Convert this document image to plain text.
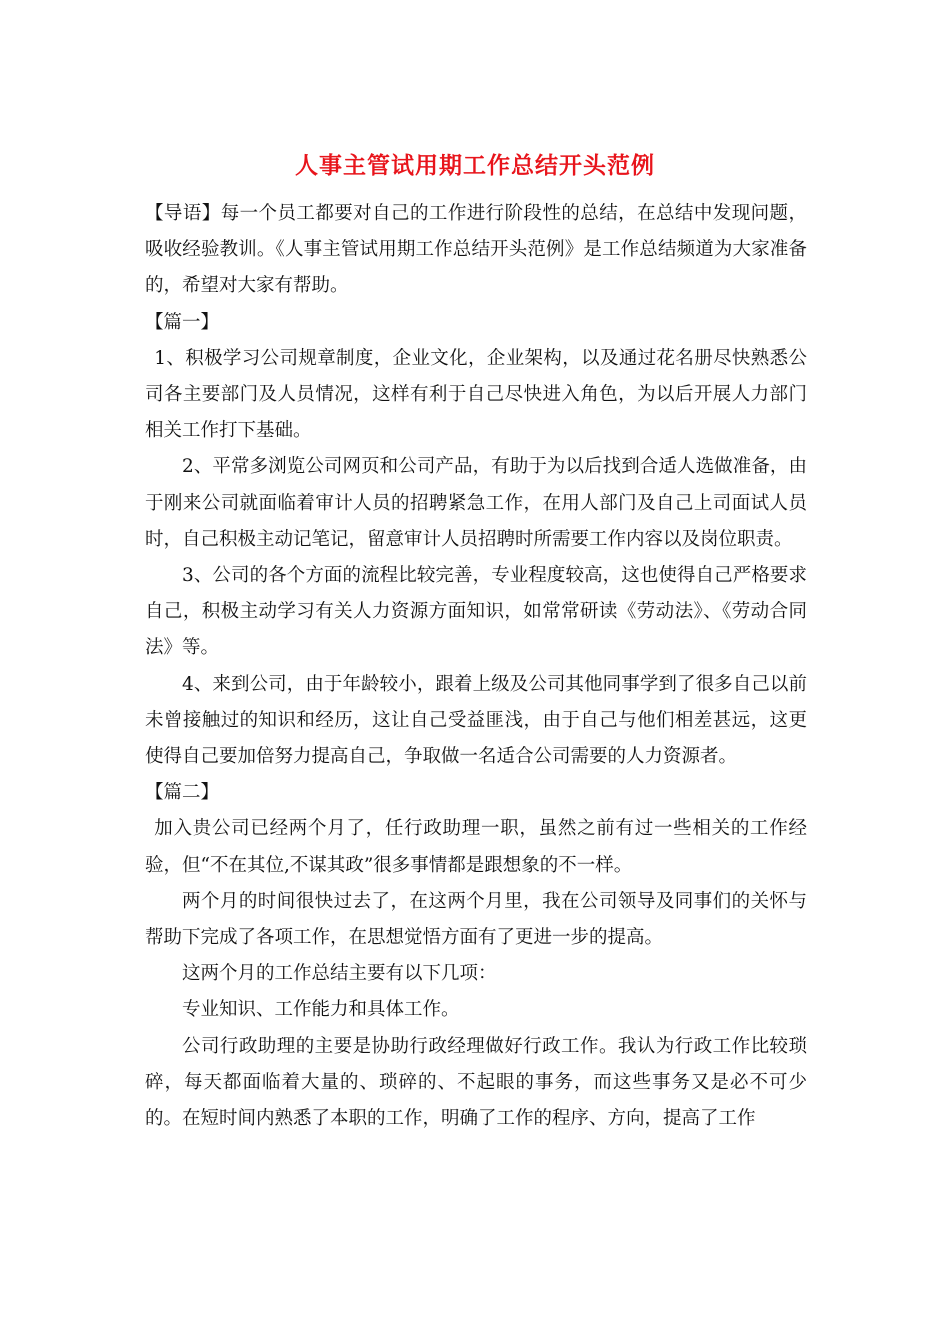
人事主管试用期工作总结开头范例

【导语】每一个员工都要对自己的工作进行阶段性的总结，在总结中发现问题，吸收经验教训。《人事主管试用期工作总结开头范例》是工作总结频道为大家准备的，希望对大家有帮助。

【篇一】

1、积极学习公司规章制度，企业文化，企业架构，以及通过花名册尽快熟悉公司各主要部门及人员情况，这样有利于自己尽快进入角色，为以后开展人力部门相关工作打下基础。

2、平常多浏览公司网页和公司产品，有助于为以后找到合适人选做准备，由于刚来公司就面临着审计人员的招聘紧急工作，在用人部门及自己上司面试人员时，自己积极主动记笔记，留意审计人员招聘时所需要工作内容以及岗位职责。

3、公司的各个方面的流程比较完善，专业程度较高，这也使得自己严格要求自己，积极主动学习有关人力资源方面知识，如常常研读《劳动法》、《劳动合同法》等。

4、来到公司，由于年龄较小，跟着上级及公司其他同事学到了很多自己以前未曾接触过的知识和经历，这让自己受益匪浅，由于自己与他们相差甚远，这更使得自己要加倍努力提高自己，争取做一名适合公司需要的人力资源者。

【篇二】

加入贵公司已经两个月了，任行政助理一职，虽然之前有过一些相关的工作经验，但“不在其位,不谋其政”很多事情都是跟想象的不一样。

两个月的时间很快过去了，在这两个月里，我在公司领导及同事们的关怀与帮助下完成了各项工作，在思想觉悟方面有了更进一步的提高。

这两个月的工作总结主要有以下几项：

专业知识、工作能力和具体工作。

公司行政助理的主要是协助行政经理做好行政工作。我认为行政工作比较琐碎，每天都面临着大量的、琐碎的、不起眼的事务，而这些事务又是必不可少的。在短时间内熟悉了本职的工作，明确了工作的程序、方向，提高了工作
